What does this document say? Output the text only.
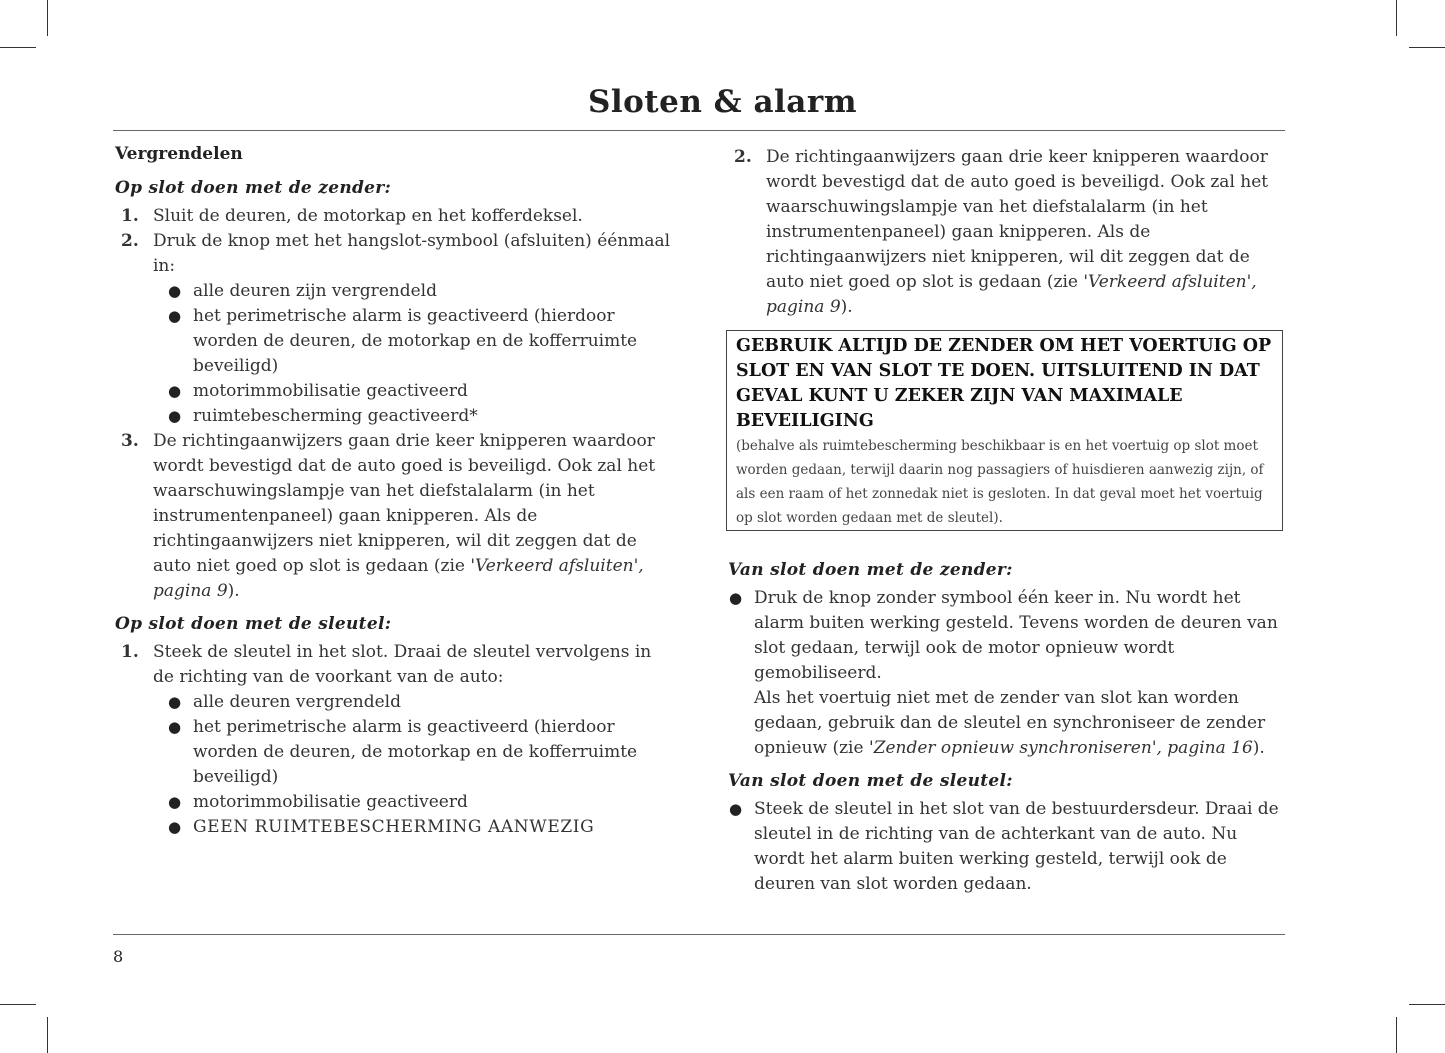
Sloten & alarm
Vergrendelen
Op slot doen met de zender:
1. Sluit de deuren, de motorkap en het kofferdeksel.
2. Druk de knop met het hangslot-symbool (afsluiten) éénmaal in:
● alle deuren zijn vergrendeld
● het perimetrische alarm is geactiveerd (hierdoor worden de deuren, de motorkap en de kofferruimte beveiligd)
● motorimmobilisatie geactiveerd
● ruimtebescherming geactiveerd*
3. De richtingaanwijzers gaan drie keer knipperen waardoor wordt bevestigd dat de auto goed is beveiligd. Ook zal het waarschuwingslampje van het diefstalalarm (in het instrumentenpaneel) gaan knipperen. Als de richtingaanwijzers niet knipperen, wil dit zeggen dat de auto niet goed op slot is gedaan (zie 'Verkeerd afsluiten', pagina 9).
Op slot doen met de sleutel:
1. Steek de sleutel in het slot. Draai de sleutel vervolgens in de richting van de voorkant van de auto:
● alle deuren vergrendeld
● het perimetrische alarm is geactiveerd (hierdoor worden de deuren, de motorkap en de kofferruimte beveiligd)
● motorimmobilisatie geactiveerd
● GEEN RUIMTEBESCHERMING AANWEZIG
2. De richtingaanwijzers gaan drie keer knipperen waardoor wordt bevestigd dat de auto goed is beveiligd. Ook zal het waarschuwingslampje van het diefstalalarm (in het instrumentenpaneel) gaan knipperen. Als de richtingaanwijzers niet knipperen, wil dit zeggen dat de auto niet goed op slot is gedaan (zie 'Verkeerd afsluiten', pagina 9).
GEBRUIK ALTIJD DE ZENDER OM HET VOERTUIG OP SLOT EN VAN SLOT TE DOEN. UITSLUITEND IN DAT GEVAL KUNT U ZEKER ZIJN VAN MAXIMALE BEVEILIGING
(behalve als ruimtebescherming beschikbaar is en het voertuig op slot moet worden gedaan, terwijl daarin nog passagiers of huisdieren aanwezig zijn, of als een raam of het zonnedak niet is gesloten. In dat geval moet het voertuig op slot worden gedaan met de sleutel).
Van slot doen met de zender:
● Druk de knop zonder symbool één keer in. Nu wordt het alarm buiten werking gesteld. Tevens worden de deuren van slot gedaan, terwijl ook de motor opnieuw wordt gemobiliseerd.
Als het voertuig niet met de zender van slot kan worden gedaan, gebruik dan de sleutel en synchroniseer de zender opnieuw (zie 'Zender opnieuw synchroniseren', pagina 16).
Van slot doen met de sleutel:
● Steek de sleutel in het slot van de bestuurdersdeur. Draai de sleutel in de richting van de achterkant van de auto. Nu wordt het alarm buiten werking gesteld, terwijl ook de deuren van slot worden gedaan.
8
